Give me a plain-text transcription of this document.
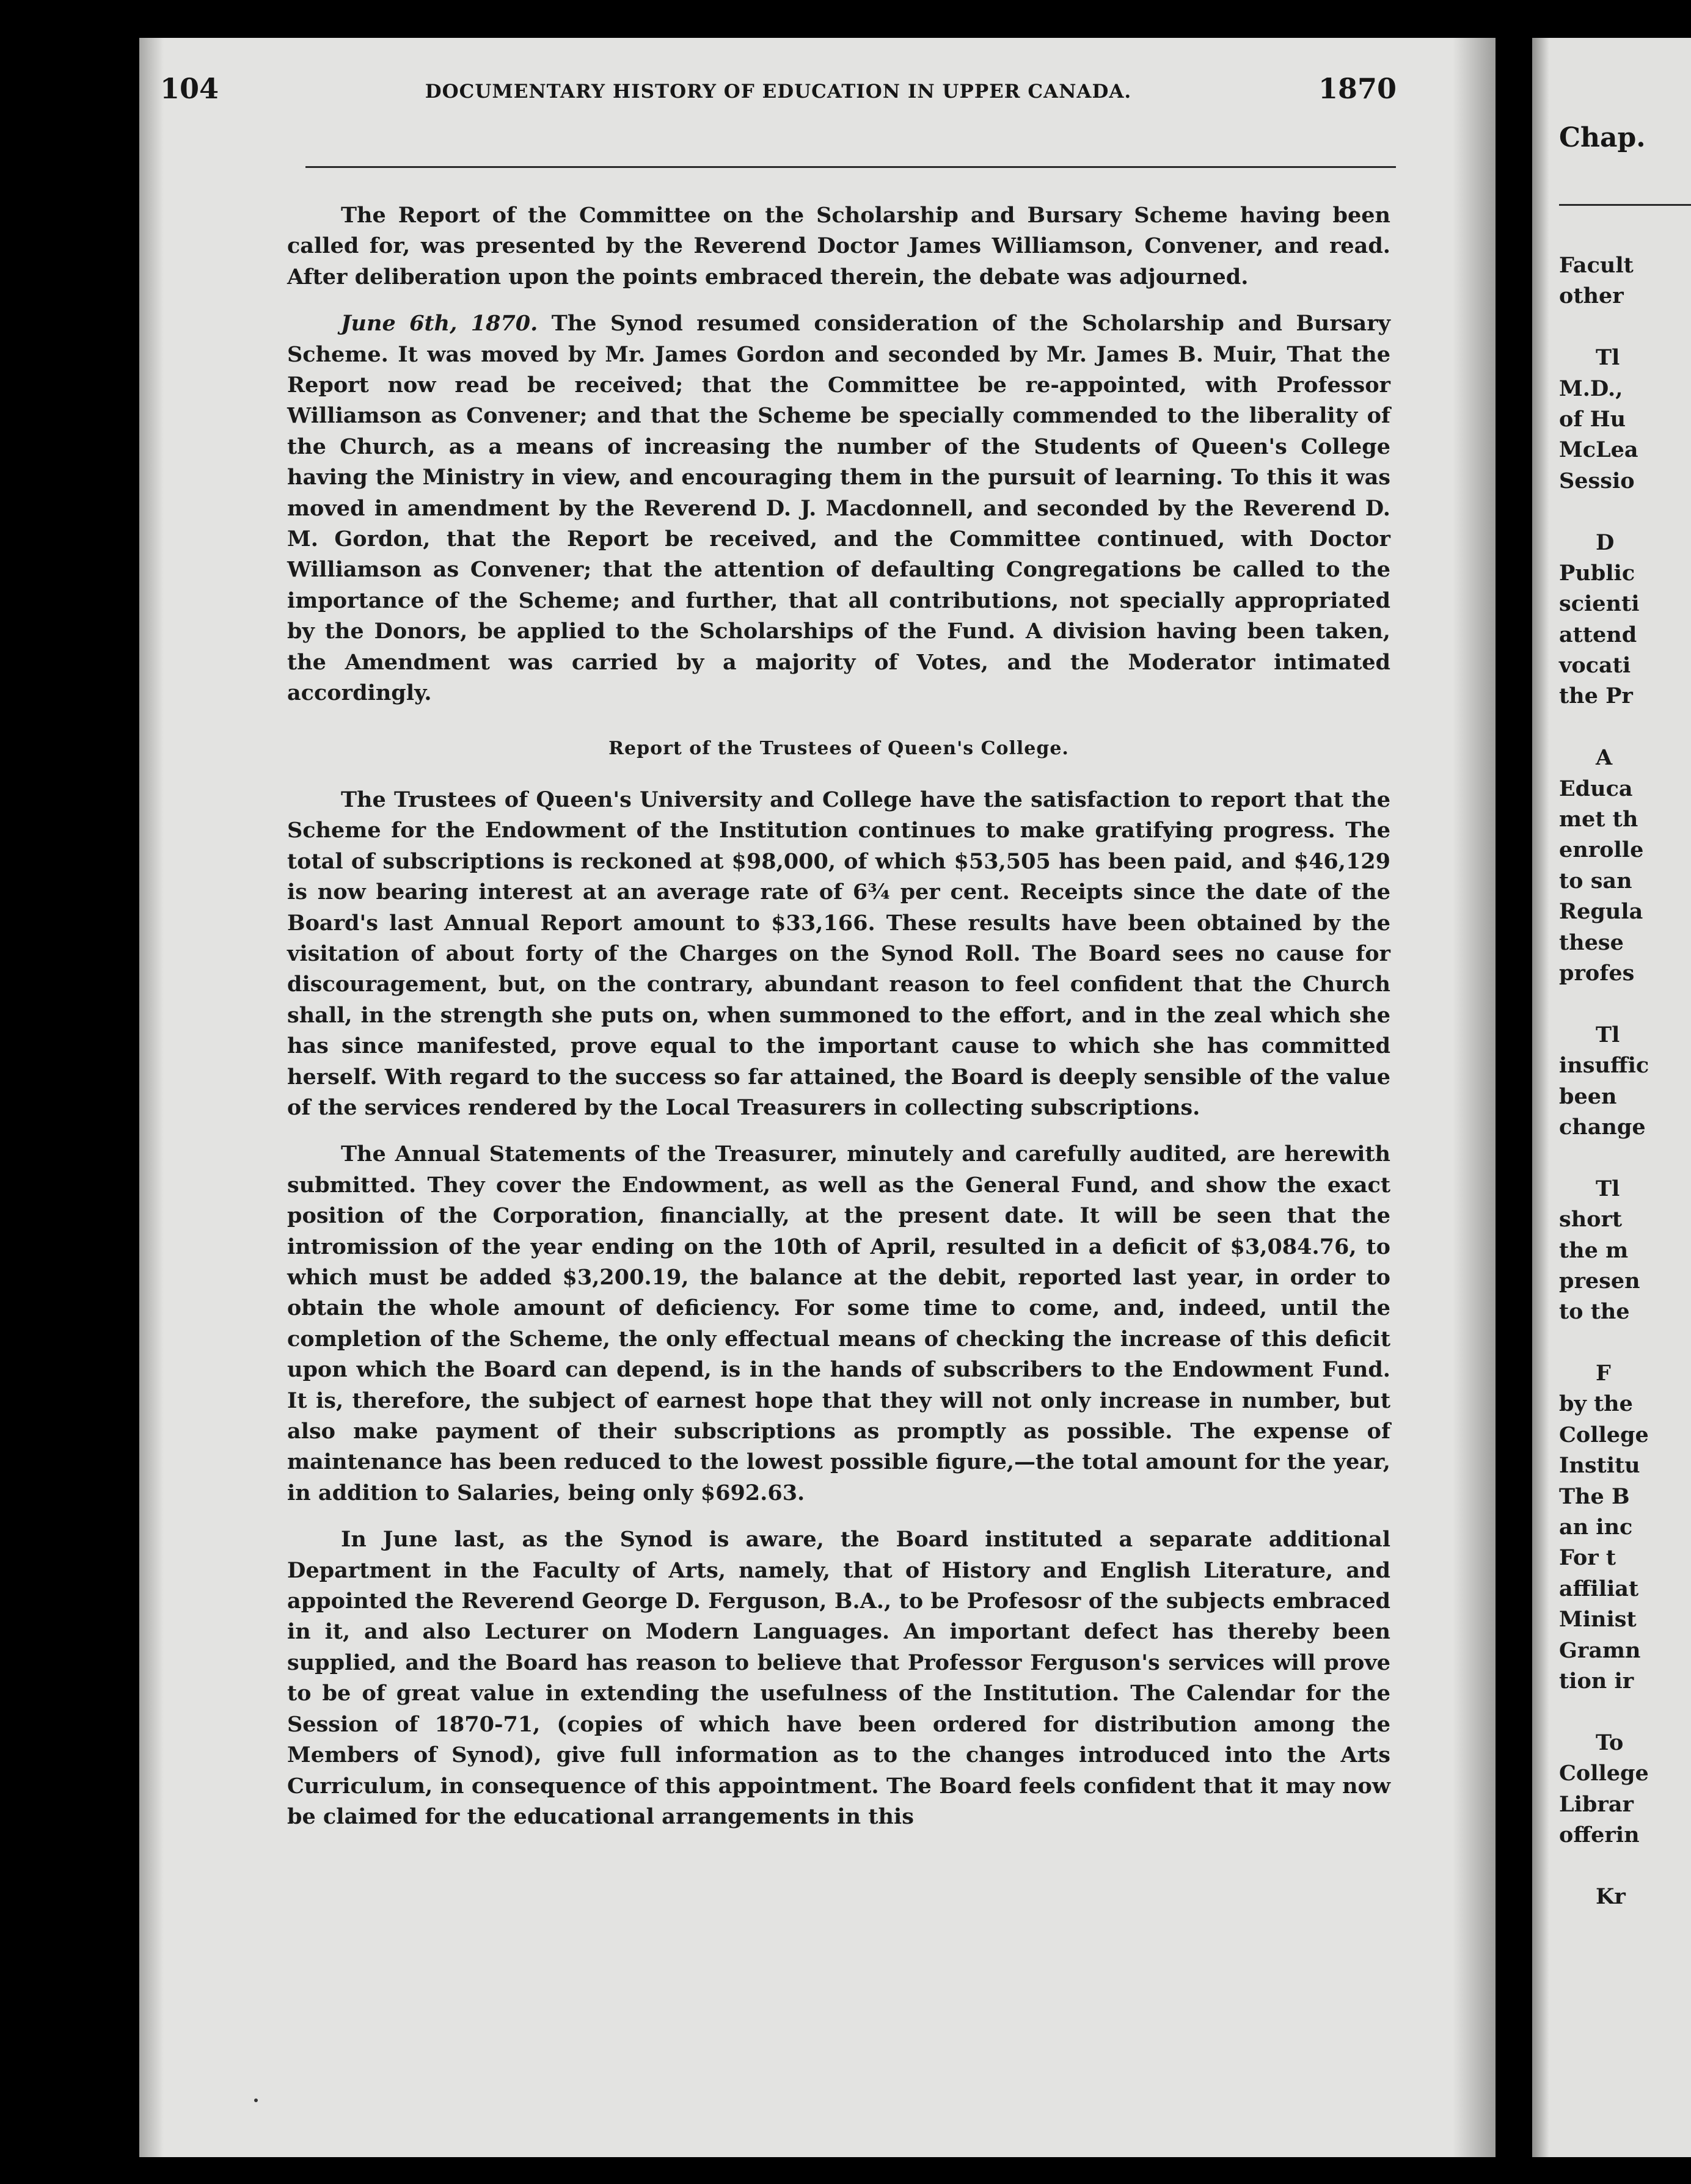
104	DOCUMENTARY HISTORY OF EDUCATION IN UPPER CANADA.	1870

The Report of the Committee on the Scholarship and Bursary Scheme having been called for, was presented by the Reverend Doctor James Williamson, Convener, and read. After deliberation upon the points embraced therein, the debate was adjourned.

June 6th, 1870. The Synod resumed consideration of the Scholarship and Bursary Scheme. It was moved by Mr. James Gordon and seconded by Mr. James B. Muir, That the Report now read be received; that the Committee be re-appointed, with Professor Williamson as Convener; and that the Scheme be specially commended to the liberality of the Church, as a means of increasing the number of the Students of Queen's College having the Ministry in view, and encouraging them in the pursuit of learning. To this it was moved in amendment by the Reverend D. J. Macdonnell, and seconded by the Reverend D. M. Gordon, that the Report be received, and the Committee continued, with Doctor Williamson as Convener; that the attention of defaulting Congregations be called to the importance of the Scheme; and further, that all contributions, not specially appropriated by the Donors, be applied to the Scholarships of the Fund. A division having been taken, the Amendment was carried by a majority of Votes, and the Moderator intimated accordingly.

Report of the Trustees of Queen's College.

The Trustees of Queen's University and College have the satisfaction to report that the Scheme for the Endowment of the Institution continues to make gratifying progress. The total of subscriptions is reckoned at $98,000, of which $53,505 has been paid, and $46,129 is now bearing interest at an average rate of 6¾ per cent. Receipts since the date of the Board's last Annual Report amount to $33,166. These results have been obtained by the visitation of about forty of the Charges on the Synod Roll. The Board sees no cause for discouragement, but, on the contrary, abundant reason to feel confident that the Church shall, in the strength she puts on, when summoned to the effort, and in the zeal which she has since manifested, prove equal to the important cause to which she has committed herself. With regard to the success so far attained, the Board is deeply sensible of the value of the services rendered by the Local Treasurers in collecting subscriptions.

The Annual Statements of the Treasurer, minutely and carefully audited, are herewith submitted. They cover the Endowment, as well as the General Fund, and show the exact position of the Corporation, financially, at the present date. It will be seen that the intromission of the year ending on the 10th of April, resulted in a deficit of $3,084.76, to which must be added $3,200.19, the balance at the debit, reported last year, in order to obtain the whole amount of deficiency. For some time to come, and, indeed, until the completion of the Scheme, the only effectual means of checking the increase of this deficit upon which the Board can depend, is in the hands of subscribers to the Endowment Fund. It is, therefore, the subject of earnest hope that they will not only increase in number, but also make payment of their subscriptions as promptly as possible. The expense of maintenance has been reduced to the lowest possible figure,—the total amount for the year, in addition to Salaries, being only $692.63.

In June last, as the Synod is aware, the Board instituted a separate additional Department in the Faculty of Arts, namely, that of History and English Literature, and appointed the Reverend George D. Ferguson, B.A., to be Profesosr of the subjects embraced in it, and also Lecturer on Modern Languages. An important defect has thereby been supplied, and the Board has reason to believe that Professor Ferguson's services will prove to be of great value in extending the usefulness of the Institution. The Calendar for the Session of 1870-71, (copies of which have been ordered for distribution among the Members of Synod), give full information as to the changes introduced into the Arts Curriculum, in consequence of this appointment. The Board feels confident that it may now be claimed for the educational arrangements in this

Chap.
Facult
other
Tl
M.D.,
of Hu
McLea
Sessio
D
Public
scienti
attend
vocati
the Pr
A
Educa
met th
enrolle
to san
Regula
these
profes
Tl
insuffic
been
change
Tl
short
the m
presen
to the
F
by the
College
Institu
The B
an inc
For t
affiliat
Minist
Gramn
tion ir
To
College
Librar
offerin
Kr
